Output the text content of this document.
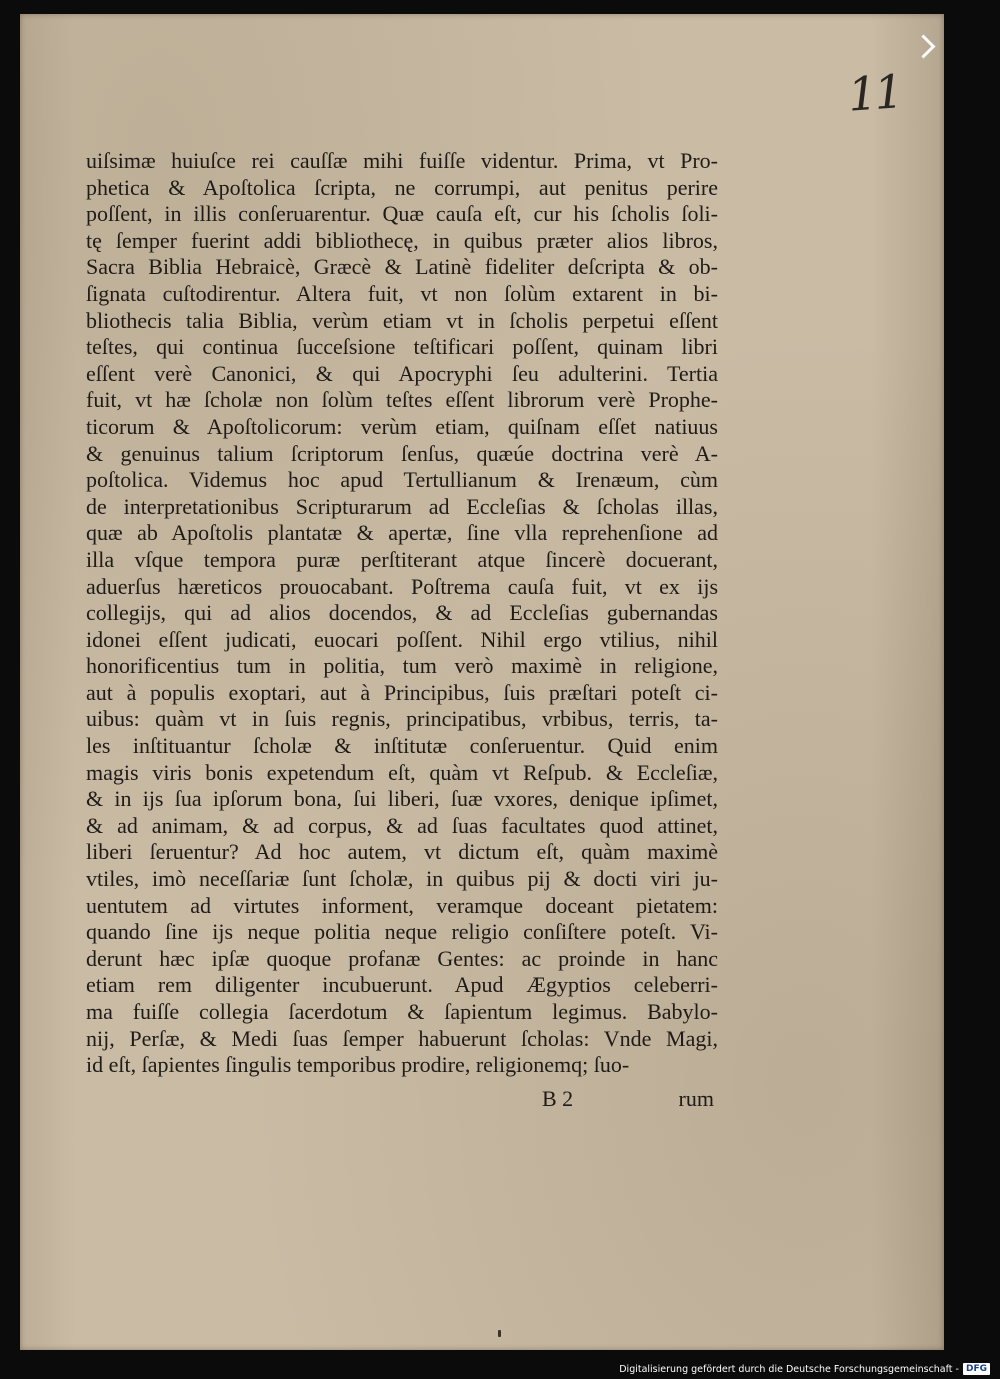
11
uiſsimæ huiuſce rei cauſſæ mihi fuiſſe videntur. Prima, vt Pro-
phetica & Apoſtolica ſcripta, ne corrumpi, aut penitus perire
poſſent, in illis conſeruarentur. Quæ cauſa eſt, cur his ſcholis ſoli-
tę ſemper fuerint addi bibliothecę, in quibus præter alios libros,
Sacra Biblia Hebraicè, Græcè & Latinè fideliter deſcripta & ob-
ſignata cuſtodirentur. Altera fuit, vt non ſolùm extarent in bi-
bliothecis talia Biblia, verùm etiam vt in ſcholis perpetui eſſent
teſtes, qui continua ſucceſsione teſtificari poſſent, quinam libri
eſſent verè Canonici, & qui Apocryphi ſeu adulterini. Tertia
fuit, vt hæ ſcholæ non ſolùm teſtes eſſent librorum verè Prophe-
ticorum & Apoſtolicorum: verùm etiam, quiſnam eſſet natiuus
& genuinus talium ſcriptorum ſenſus, quæúe doctrina verè A-
poſtolica. Videmus hoc apud Tertullianum & Irenæum, cùm
de interpretationibus Scripturarum ad Eccleſias & ſcholas illas,
quæ ab Apoſtolis plantatæ & apertæ, ſine vlla reprehenſione ad
illa vſque tempora puræ perſtiterant atque ſincerè docuerant,
aduerſus hæreticos prouocabant. Poſtrema cauſa fuit, vt ex ijs
collegijs, qui ad alios docendos, & ad Eccleſias gubernandas
idonei eſſent judicati, euocari poſſent. Nihil ergo vtilius, nihil
honorificentius tum in politia, tum verò maximè in religione,
aut à populis exoptari, aut à Principibus, ſuis præſtari poteſt ci-
uibus: quàm vt in ſuis regnis, principatibus, vrbibus, terris, ta-
les inſtituantur ſcholæ & inſtitutæ conſeruentur. Quid enim
magis viris bonis expetendum eſt, quàm vt Reſpub. & Eccleſiæ,
& in ijs ſua ipſorum bona, ſui liberi, ſuæ vxores, denique ipſimet,
& ad animam, & ad corpus, & ad ſuas facultates quod attinet,
liberi ſeruentur? Ad hoc autem, vt dictum eſt, quàm maximè
vtiles, imò neceſſariæ ſunt ſcholæ, in quibus pij & docti viri ju-
uentutem ad virtutes informent, veramque doceant pietatem:
quando ſine ijs neque politia neque religio conſiſtere poteſt. Vi-
derunt hæc ipſæ quoque profanæ Gentes: ac proinde in hanc
etiam rem diligenter incubuerunt. Apud Ægyptios celeberri-
ma fuiſſe collegia ſacerdotum & ſapientum legimus. Babylo-
nij, Perſæ, & Medi ſuas ſemper habuerunt ſcholas: Vnde Magi,
id eſt, ſapientes ſingulis temporibus prodire, religionemq; ſuo-
B 2	rum
Digitalisierung gefördert durch die Deutsche Forschungsgemeinschaft - DFG
